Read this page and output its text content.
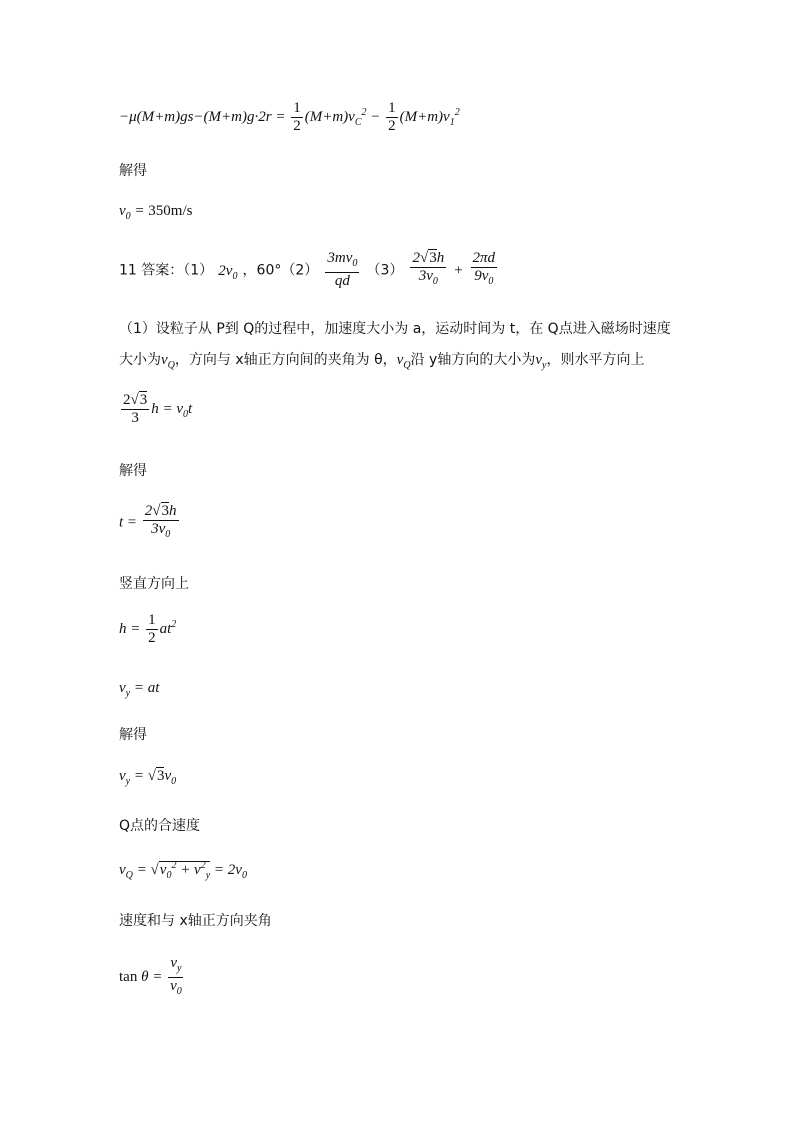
$-\mu(M+m)gs-(M+m)g\cdot 2r = \frac{1}{2} (M+m)v_C^2 - \frac{1}{2} (M+m)v_1^2$
解得
$v_0 = 350m/s$
11 答案：（1） $2v_0$ ，$60^\circ(2) \frac{3mv_0}{qd} (3) \frac{2√3h}{3v_0} + \frac{2\pi d}{9v_0}$
（1）设粒子从 P到 Q的过程中，加速度大小为 a，运动时间为 t，在 Q点进入磁场时速度
大小为$v_Q$，方向与 x轴正方向间的夹角为 θ，$v_Q$沿 y轴方向的大小为$v_y$，则水平方向上
$\frac{2√3}{3}$ $h = v_0t$
解得
$t = \frac{2√3h}{3v_0}$
竖直方向上
$h = \frac{1}{2} at^2$
$v_y$ = at
解得
$v_y = √3v_0$
Q点的合速度
$v_Q = √v_0^2 + v^2_y = 2v_0$
速度和与 x轴正方向夹角
$\tan \theta = \frac{v_y}{v_0}$
